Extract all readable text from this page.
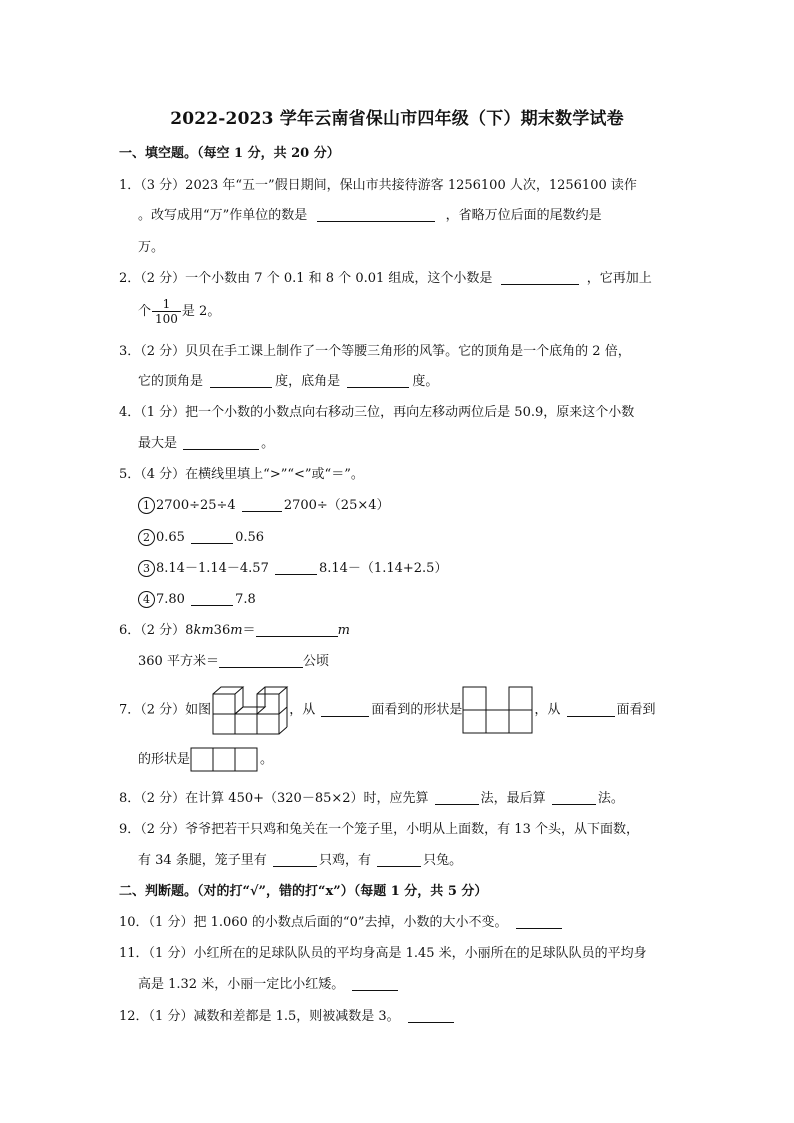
2022-2023 学年云南省保山市四年级（下）期末数学试卷
一、填空题。（每空 1 分，共 20 分）
1．（3 分）2023 年“五一”假日期间，保山市共接待游客 1256100 人次，1256100 读作
。改写成用“万”作单位的数是	，省略万位后面的尾数约是
万。
2．（2 分）一个小数由 7 个 0.1 和 8 个 0.01 组成，这个小数是	，它再加上
个 $\frac{1}{100}$ 是 2。
3．（2 分）贝贝在手工课上制作了一个等腰三角形的风筝。它的顶角是一个底角的 2 倍，
它的顶角是	度，底角是	度。
4．（1 分）把一个小数的小数点向右移动三位，再向左移动两位后是 50.9，原来这个小数
最大是	。
5．（4 分）在横线里填上“>”“<”或“＝”。
1 2700÷25÷4	2700÷（25×4）
2 0.65	0.56
3 8.14－1.14－4.57	8.14－（1.14+2.5）
4 7.80	7.8
6．（2 分）8km36m＝	m
360 平方米＝	公顷
7．（2 分）如图	，从	面看到的形状是	，从	面看到
的形状是	。
8．（2 分）在计算 450+（320－85×2）时，应先算	法，最后算	法。
9．（2 分）爷爷把若干只鸡和兔关在一个笼子里，小明从上面数，有 13 个头，从下面数，
有 34 条腿，笼子里有	只鸡，有	只兔。
二、判断题。（对的打“√”，错的打“x”）（每题 1 分，共 5 分）
10．（1 分）把 1.060 的小数点后面的“0”去掉，小数的大小不变。
11．（1 分）小红所在的足球队队员的平均身高是 1.45 米，小丽所在的足球队队员的平均身
高是 1.32 米，小丽一定比小红矮。
12．（1 分）减数和差都是 1.5，则被减数是 3。
